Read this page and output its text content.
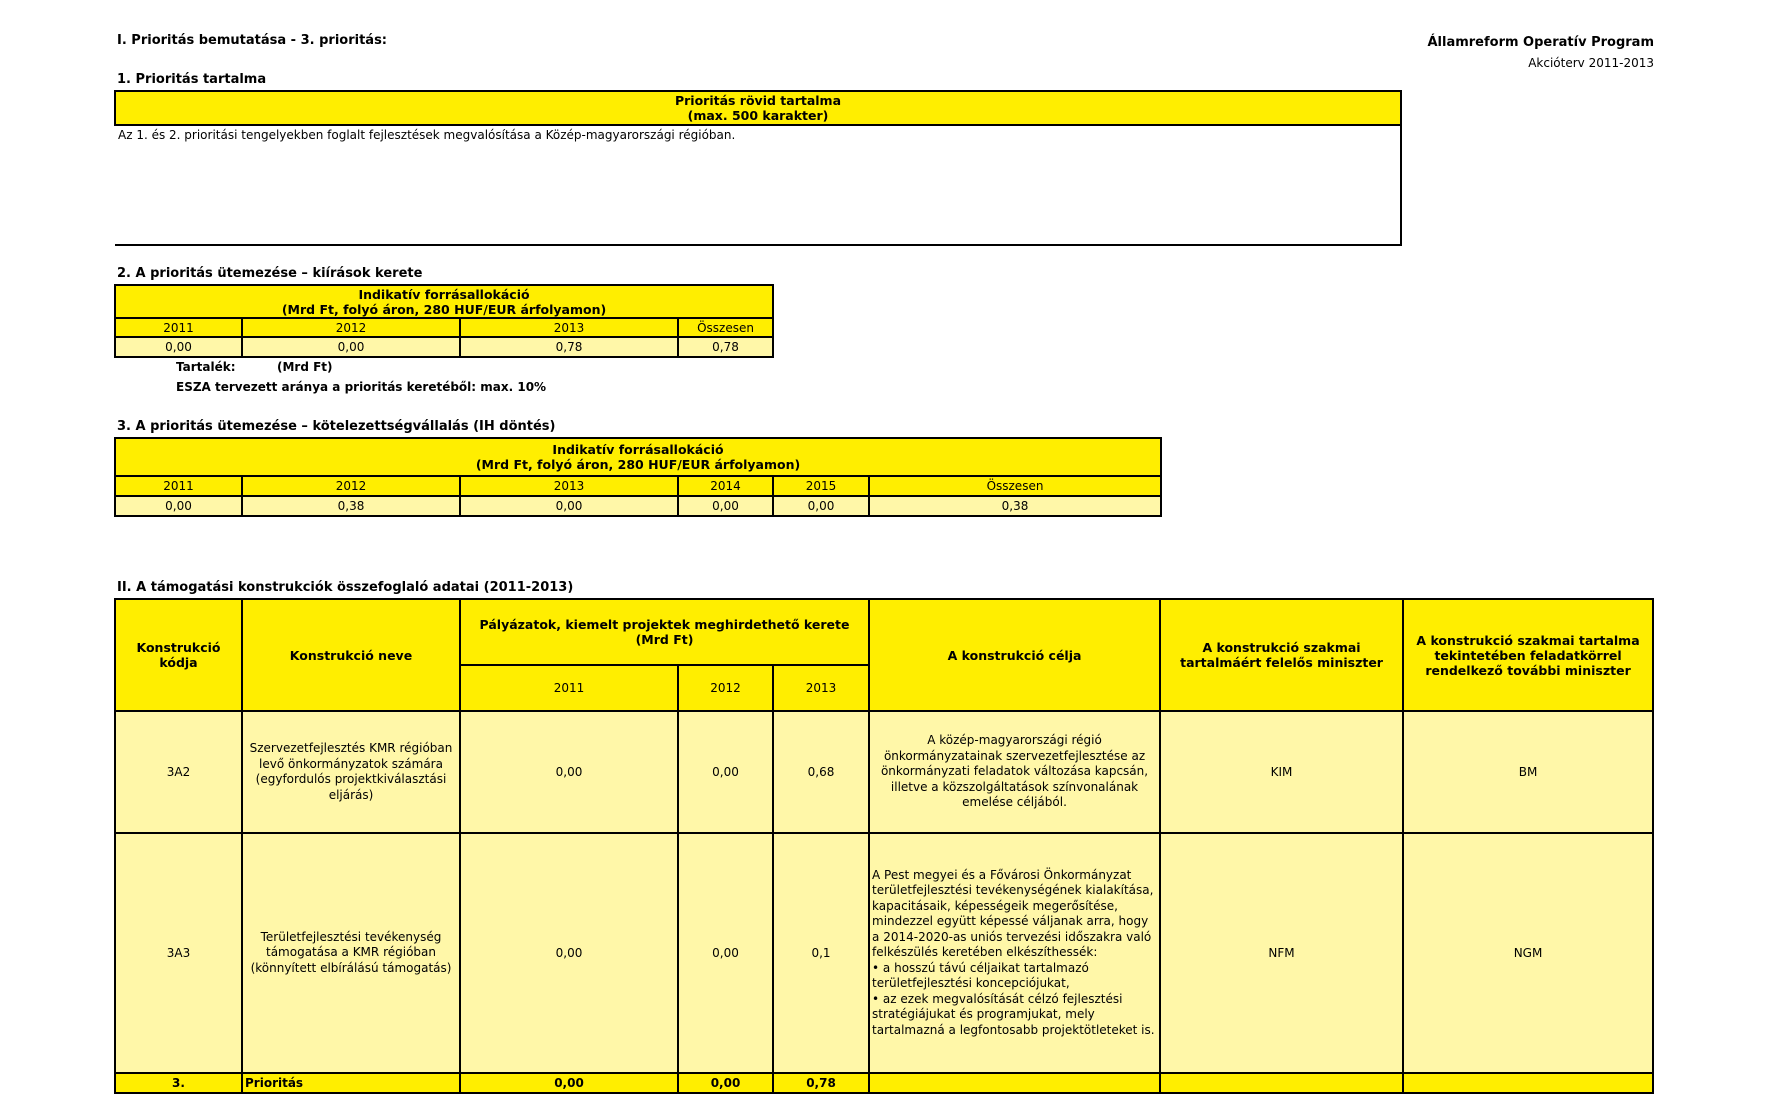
I. Prioritás bemutatása - 3. prioritás:	Államreform Operatív Program
Akcióterv 2011-2013
1. Prioritás tartalma
Prioritás rövid tartalma
(max. 500 karakter)

Az 1. és 2. prioritási tengelyekben foglalt fejlesztések megvalósítása a Közép-magyarországi régióban.
2. A prioritás ütemezése – kiírások kerete
Indikatív forrásallokáció
(Mrd Ft, folyó áron, 280 HUF/EUR árfolyamon)			

2011	2012	2013	Összesen
0,00	0,00	0,78	0,78
Tartalék:	(Mrd Ft)
ESZA tervezett aránya a prioritás keretéből: max. 10%
3. A prioritás ütemezése – kötelezettségvállalás (IH döntés)
Indikatív forrásallokáció
(Mrd Ft, folyó áron, 280 HUF/EUR árfolyamon)					

2011	2012	2013	2014	2015	Összesen
0,00	0,38	0,00	0,00	0,00	0,38
II. A támogatási konstrukciók összefoglaló adatai (2011-2013)
Konstrukció kódja	Konstrukció neve	Pályázatok, kiemelt projektek meghirdethető kerete (Mrd Ft)			A konstrukció célja	A konstrukció szakmai tartalmáért felelős miniszter	A konstrukció szakmai tartalma tekintetében feladatkörrel rendelkező további miniszter
		2011	2012	2013			
3A2	Szervezetfejlesztés KMR régióban levő önkormányzatok számára (egyfordulós projektkiválasztási eljárás)	0,00	0,00	0,68	A közép-magyarországi régió önkormányzatainak szervezetfejlesztése az önkormányzati feladatok változása kapcsán, illetve a közszolgáltatások színvonalának emelése céljából.	KIM	BM
3A3	Területfejlesztési tevékenység támogatása a KMR régióban (könnyített elbírálású támogatás)	0,00	0,00	0,1	A Pest megyei és a Fővárosi Önkormányzat területfejlesztési tevékenységének kialakítása, kapacitásaik, képességeik megerősítése, mindezzel együtt képessé váljanak arra, hogy a 2014-2020-as uniós tervezési időszakra való felkészülés keretében elkészíthessék:
• a hosszú távú céljaikat tartalmazó területfejlesztési koncepciójukat,
• az ezek megvalósítását célzó fejlesztési stratégiájukat és programjukat, mely tartalmazná a legfontosabb projektötleteket is.	NFM	NGM
3.	Prioritás	0,00	0,00	0,78			
